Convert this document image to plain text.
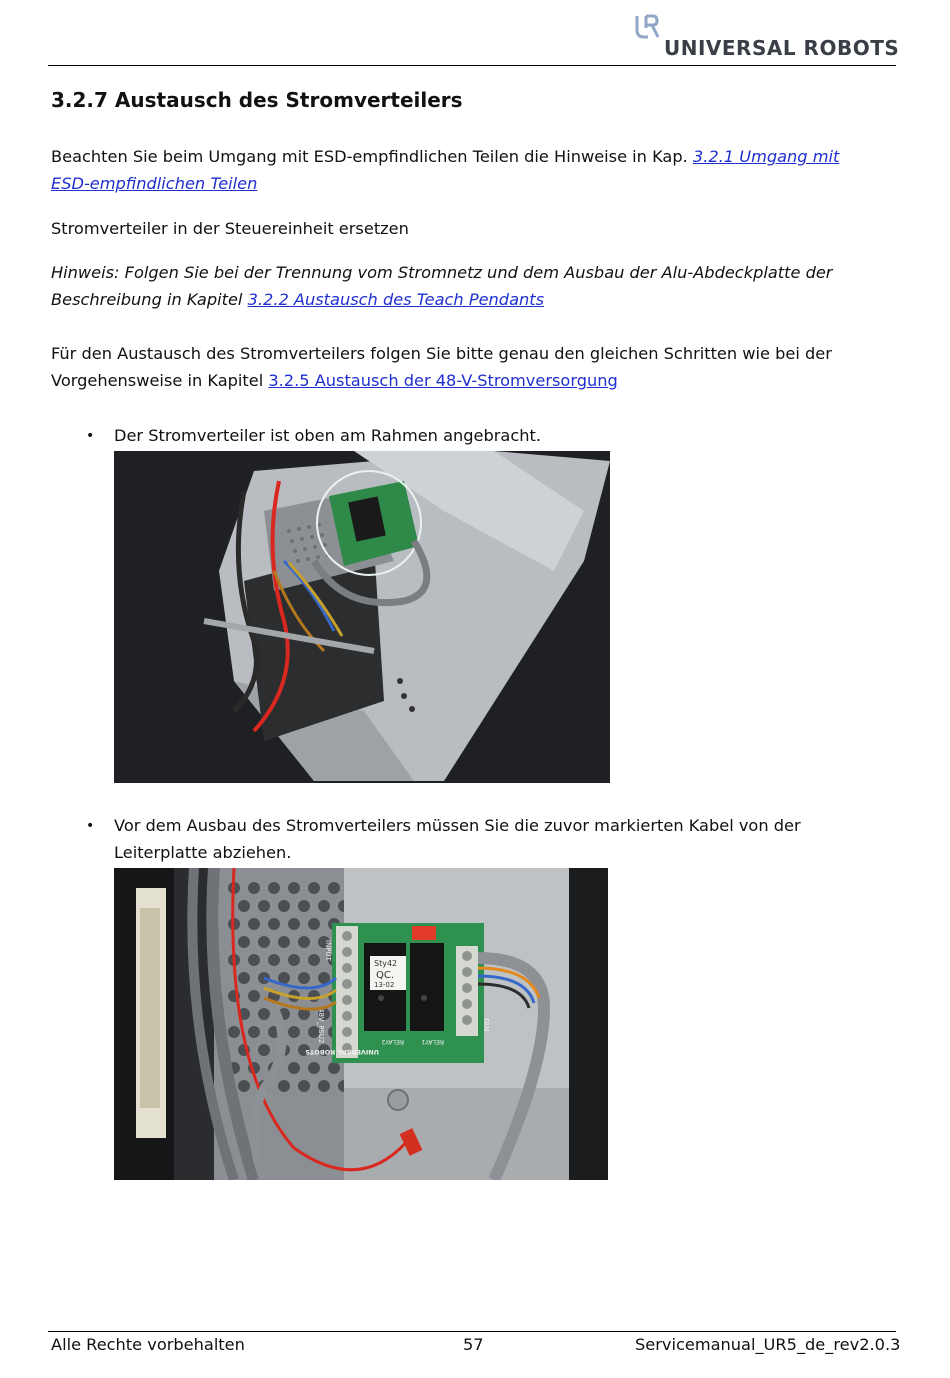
UNIVERSAL ROBOTS
3.2.7 Austausch des Stromverteilers
Beachten Sie beim Umgang mit ESD-empfindlichen Teilen die Hinweise in Kap. 3.2.1 Umgang mit ESD-empfindlichen Teilen
Stromverteiler in der Steuereinheit ersetzen
Hinweis: Folgen Sie bei der Trennung vom Stromnetz und dem Ausbau der Alu-Abdeckplatte der Beschreibung in Kapitel 3.2.2 Austausch des Teach Pendants
Für den Austausch des Stromverteilers folgen Sie bitte genau den gleichen Schritten wie bei der Vorgehensweise in Kapitel 3.2.5 Austausch der 48-V-Stromversorgung
• Der Stromverteiler ist oben am Rahmen angebracht.
• Vor dem Ausbau des Stromverteilers müssen Sie die zuvor markierten Kabel von der Leiterplatte abziehen.
Sty42
QC.
13-02
INPUT
48V_PSU2	RELAY2	RELAY1
FAN
UNIVERSAL ROBOTS
Alle Rechte vorbehalten	57	Servicemanual_UR5_de_rev2.0.3
